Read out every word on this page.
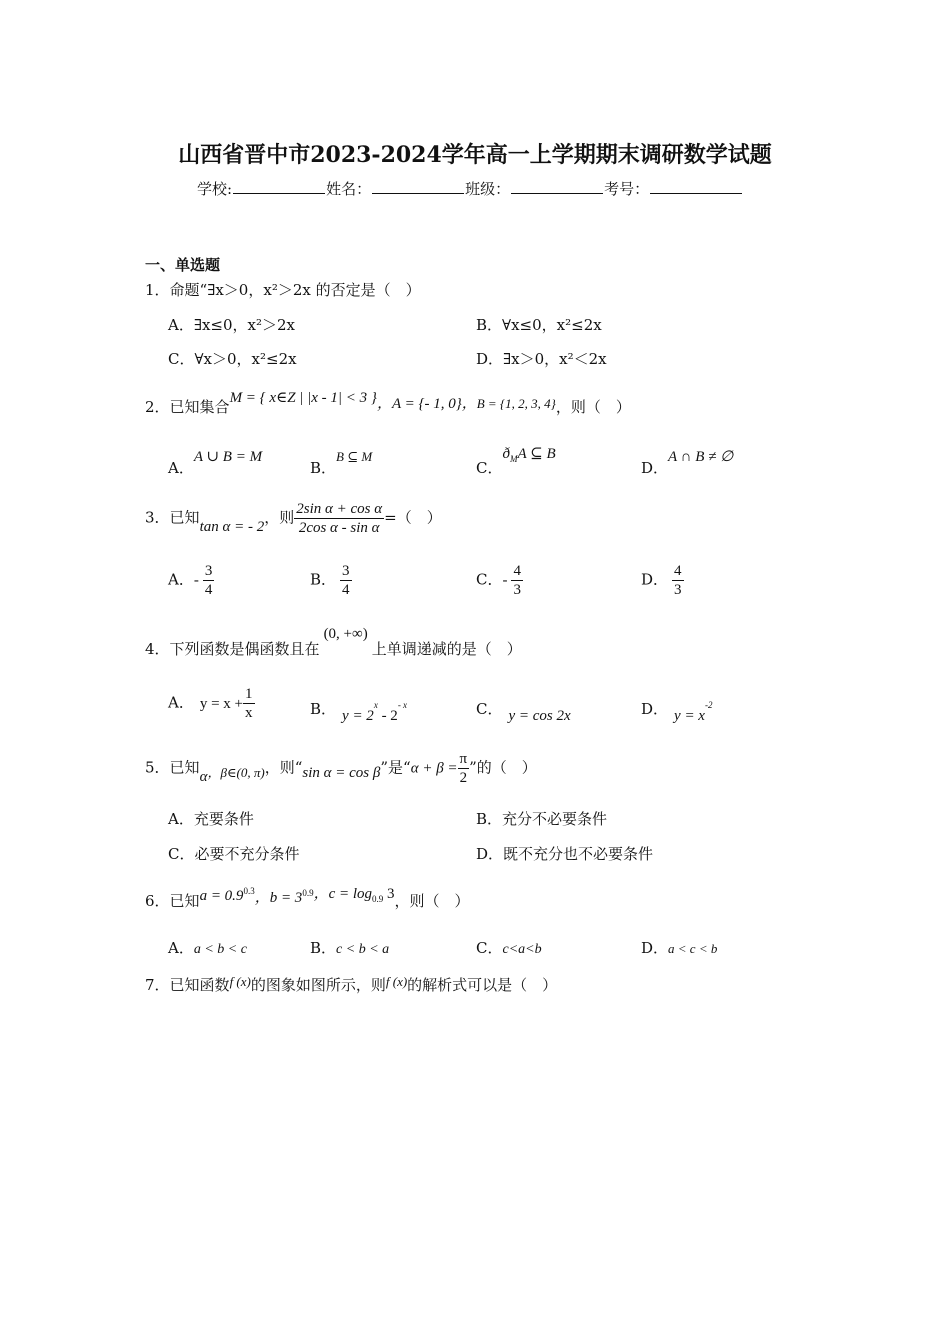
山西省晋中市2023-2024学年高一上学期期末调研数学试题
学校:	姓名：	班级：	考号：
一、单选题
1．命题“∃x＞0，x²＞2x 的否定是（　）
A．∃x≤0，x²＞2x	B．∀x≤0，x²≤2x
C．∀x＞0，x²≤2x	D．∃x＞0，x²＜2x
2．已知集合M = { x∈Z | |x - 1| < 3 }，A = {- 1, 0}，B = {1, 2, 3, 4}，则（　）
A．A ∪ B = M
B．B ⊆ M
C．$ð_MA$ ⊆ B
D．A ∩ B ≠ ∅
3．已知tan α = - 2，则 $\frac{\text{2sin α + cos α}}{\text{2cos α - sin α}}$ =（　）
A．- $\frac{3}{4}$	B． $\frac{3}{4}$	C．- $\frac{4}{3}$	D． $\frac{4}{3}$
4．下列函数是偶函数且在(0, +∞)上单调递减的是（　）
A． $y = x + \frac{1}{x}$	B． $y = 2^x - 2^{- x}$	C． y = cos 2x	D． $y = x^{-2}$
5．已知α，β∈(0, π)，则“sin α = cos β”是“$\alpha + \beta = \frac{\pi}{2}$ ”的（　）
A．充要条件	B．充分不必要条件
C．必要不充分条件	D．既不充分也不必要条件
6．已知$a = 0.9^{0.3}$，$b = 3^{0.9}$，$c = \log_{0.9} 3$，则（　）
A．a < b < c	B．c < b < a	C．c<a<b	D．a < c < b
7．已知函数f (x)的图象如图所示，则f (x)的解析式可以是（　）
